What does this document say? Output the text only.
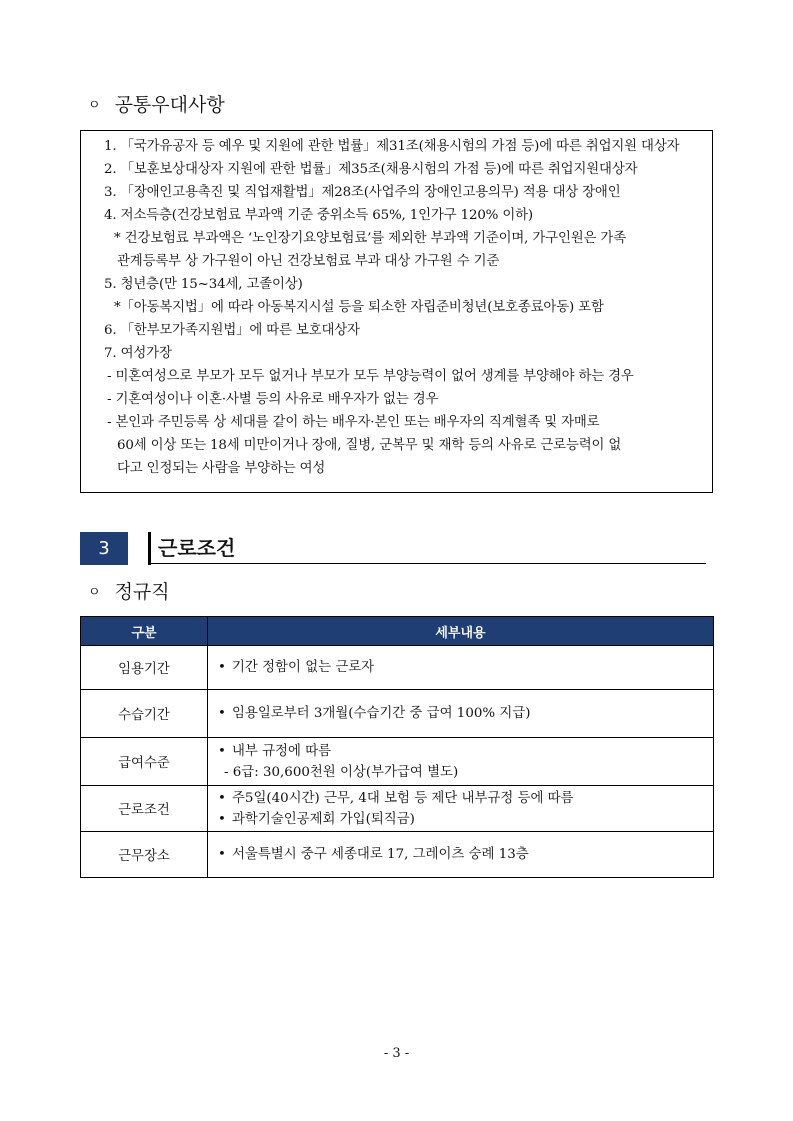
ㅇ 공통우대사항
1. 「국가유공자 등 예우 및 지원에 관한 법률」제31조(채용시험의 가점 등)에 따른 취업지원 대상자
2. 「보훈보상대상자 지원에 관한 법률」제35조(채용시험의 가점 등)에 따른 취업지원대상자
3. 「장애인고용촉진 및 직업재활법」제28조(사업주의 장애인고용의무) 적용 대상 장애인
4. 저소득층(건강보험료 부과액 기준 중위소득 65%, 1인가구 120% 이하)
* 건강보험료 부과액은 ‘노인장기요양보험료’를 제외한 부과액 기준이며, 가구인원은 가족
관계등록부 상 가구원이 아닌 건강보험료 부과 대상 가구원 수 기준
5. 청년층(만 15~34세, 고졸이상)
*「아동복지법」에 따라 아동복지시설 등을 퇴소한 자립준비청년(보호종료아동) 포함
6. 「한부모가족지원법」에 따른 보호대상자
7. 여성가장
- 미혼여성으로 부모가 모두 없거나 부모가 모두 부양능력이 없어 생계를 부양해야 하는 경우
- 기혼여성이나 이혼·사별 등의 사유로 배우자가 없는 경우
- 본인과 주민등록 상 세대를 같이 하는 배우자·본인 또는 배우자의 직계혈족 및 자매로
60세 이상 또는 18세 미만이거나 장애, 질병, 군복무 및 재학 등의 사유로 근로능력이 없
다고 인정되는 사람을 부양하는 여성
3	근로조건
ㅇ 정규직
구분	세부내용
임용기간	• 기간 정함이 없는 근로자

수습기간	• 임용일로부터 3개월(수습기간 중 급여 100% 지급)

급여수준	• 내부 규정에 따름
- 6급: 30,600천원 이상(부가급여 별도)

근로조건	• 주5일(40시간) 근무, 4대 보험 등 제단 내부규정 등에 따름
• 과학기술인공제회 가입(퇴직금)

근무장소	• 서울특별시 중구 세종대로 17, 그레이츠 숭례 13층
- 3 -
